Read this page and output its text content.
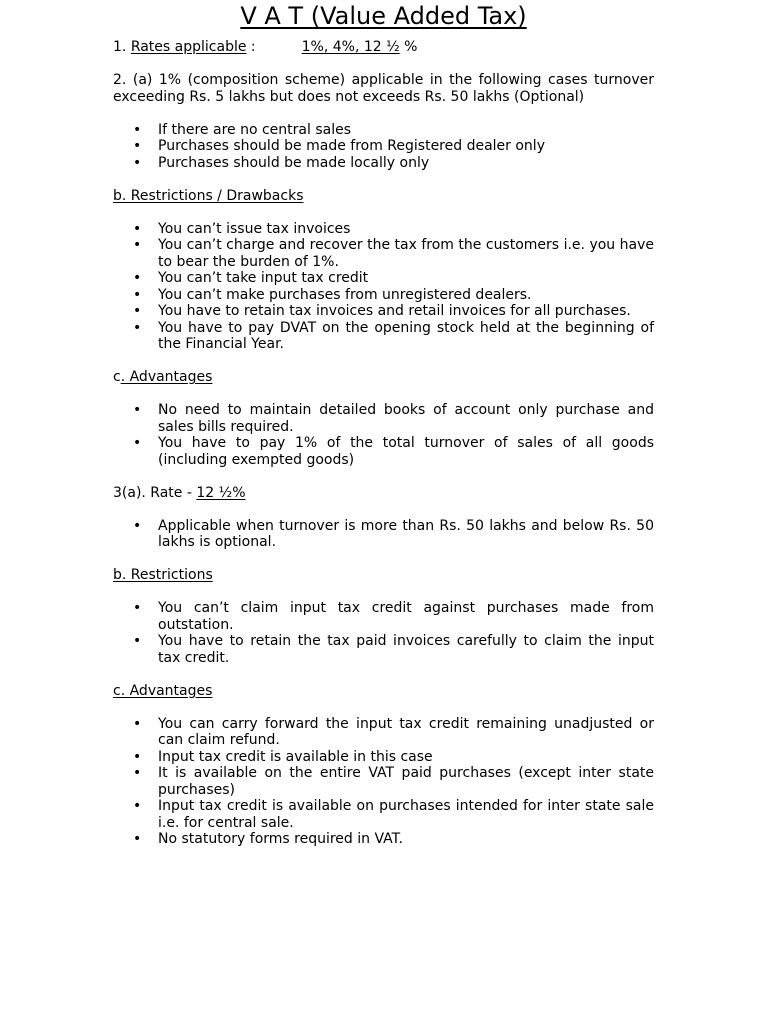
V A T (Value Added Tax)

1. Rates applicable :	1%, 4%, 12 ½ %

2. (a) 1% (composition scheme) applicable in the following cases turnover exceeding Rs. 5 lakhs but does not exceeds Rs. 50 lakhs (Optional)

• If there are no central sales
• Purchases should be made from Registered dealer only
• Purchases should be made locally only

b. Restrictions / Drawbacks

• You can’t issue tax invoices
• You can’t charge and recover the tax from the customers i.e. you have to bear the burden of 1%.
• You can’t take input tax credit
• You can’t make purchases from unregistered dealers.
• You have to retain tax invoices and retail invoices for all purchases.
• You have to pay DVAT on the opening stock held at the beginning of the Financial Year.

c. Advantages

• No need to maintain detailed books of account only purchase and sales bills required.
• You have to pay 1% of the total turnover of sales of all goods (including exempted goods)

3(a). Rate - 12 ½%

• Applicable when turnover is more than Rs. 50 lakhs and below Rs. 50 lakhs is optional.

b. Restrictions

• You can’t claim input tax credit against purchases made from outstation.
• You have to retain the tax paid invoices carefully to claim the input tax credit.

c. Advantages

• You can carry forward the input tax credit remaining unadjusted or can claim refund.
• Input tax credit is available in this case
• It is available on the entire VAT paid purchases (except inter state purchases)
• Input tax credit is available on purchases intended for inter state sale i.e. for central sale.
• No statutory forms required in VAT.
